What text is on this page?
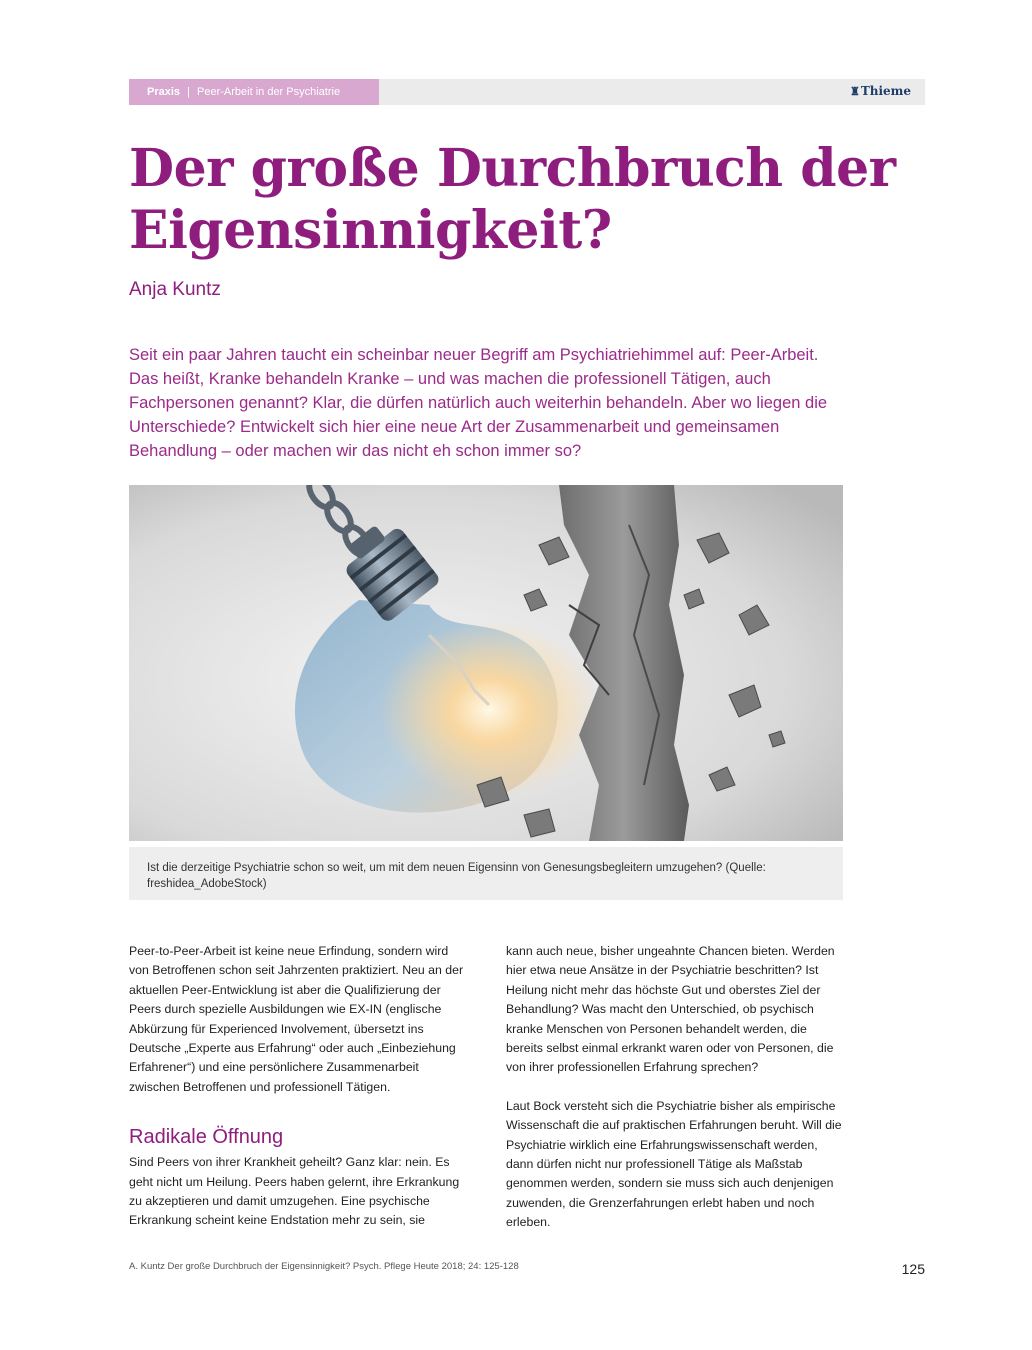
Praxis | Peer-Arbeit in der Psychiatrie	♜Thieme
Der große Durchbruch der
Eigensinnigkeit?

Anja Kuntz

Seit ein paar Jahren taucht ein scheinbar neuer Begriff am Psychiatriehimmel auf: Peer-Arbeit. Das heißt, Kranke behandeln Kranke – und was machen die professionell Tätigen, auch Fachpersonen genannt? Klar, die dürfen natürlich auch weiterhin behandeln. Aber wo liegen die Unterschiede? Entwickelt sich hier eine neue Art der Zusammenarbeit und gemeinsamen Behandlung – oder machen wir das nicht eh schon immer so?

Ist die derzeitige Psychiatrie schon so weit, um mit dem neuen Eigensinn von Genesungsbegleitern umzugehen? (Quelle: freshidea_AdobeStock)

Peer-to-Peer-Arbeit ist keine neue Erfindung, sondern wird von Betroffenen schon seit Jahrzenten praktiziert. Neu an der aktuellen Peer-Entwicklung ist aber die Qualifizierung der Peers durch spezielle Ausbildungen wie EX-IN (englische Abkürzung für Experienced Involvement, übersetzt ins Deutsche „Experte aus Erfahrung“ oder auch „Einbeziehung Erfahrener“) und eine persönlichere Zusammenarbeit zwischen Betroffenen und professionell Tätigen.

Radikale Öffnung

Sind Peers von ihrer Krankheit geheilt? Ganz klar: nein. Es geht nicht um Heilung. Peers haben gelernt, ihre Erkrankung zu akzeptieren und damit umzugehen. Eine psychische Erkrankung scheint keine Endstation mehr zu sein, sie

kann auch neue, bisher ungeahnte Chancen bieten. Werden hier etwa neue Ansätze in der Psychiatrie beschritten? Ist Heilung nicht mehr das höchste Gut und oberstes Ziel der Behandlung? Was macht den Unterschied, ob psychisch kranke Menschen von Personen behandelt werden, die bereits selbst einmal erkrankt waren oder von Personen, die von ihrer professionellen Erfahrung sprechen?

Laut Bock versteht sich die Psychiatrie bisher als empirische Wissenschaft die auf praktischen Erfahrungen beruht. Will die Psychiatrie wirklich eine Erfahrungswissenschaft werden, dann dürfen nicht nur professionell Tätige als Maßstab genommen werden, sondern sie muss sich auch denjenigen zuwenden, die Grenzerfahrungen erlebt haben und noch erleben.

A. Kuntz Der große Durchbruch der Eigensinnigkeit? Psych. Pflege Heute 2018; 24: 125-128	125
